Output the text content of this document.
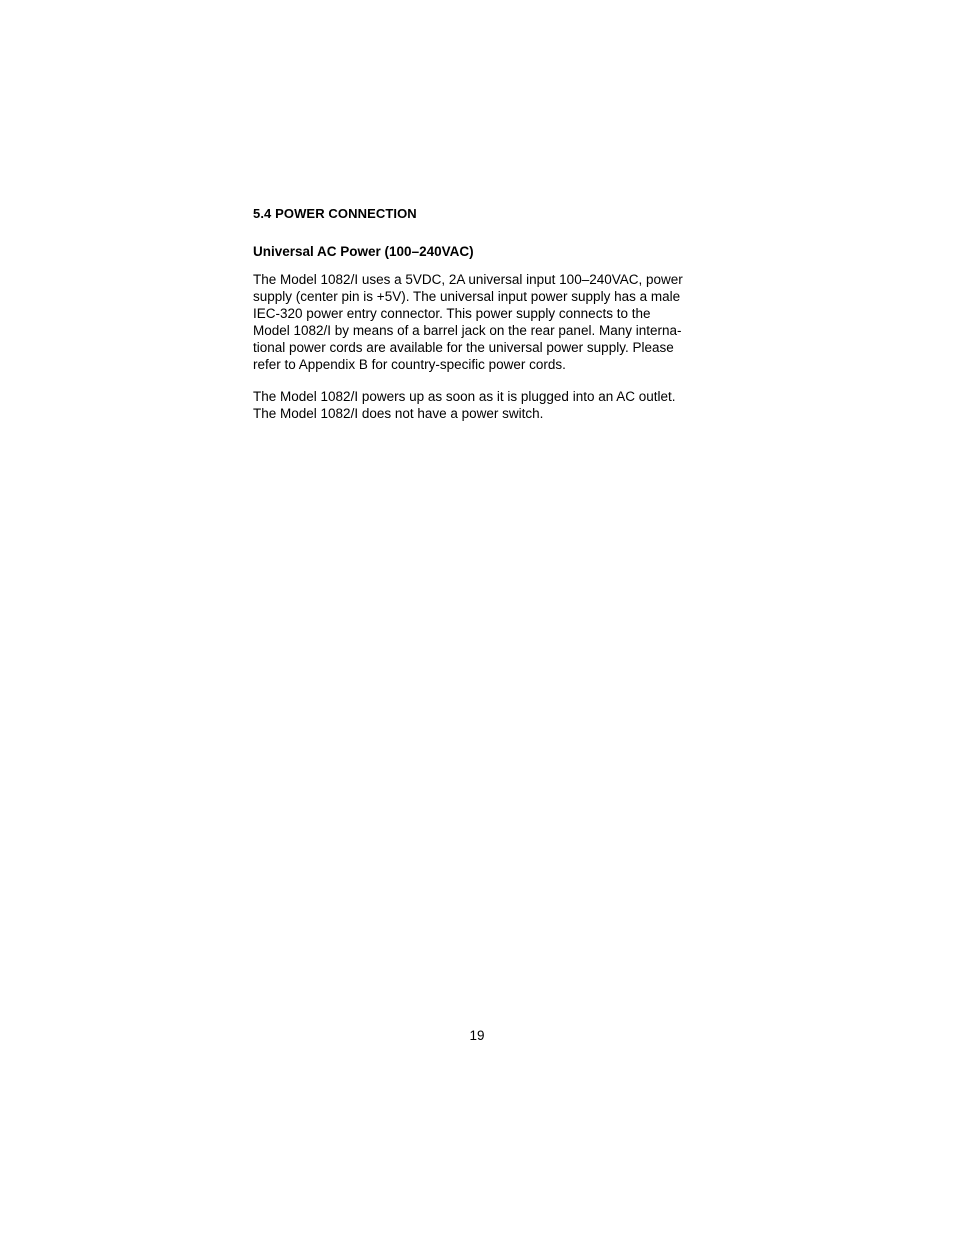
5.4 POWER CONNECTION
Universal AC Power (100–240VAC)

The Model 1082/I uses a 5VDC, 2A universal input 100–240VAC, power
supply (center pin is +5V). The universal input power supply has a male
IEC-320 power entry connector. This power supply connects to the
Model 1082/I by means of a barrel jack on the rear panel. Many interna-
tional power cords are available for the universal power supply. Please
refer to Appendix B for country-specific power cords.

The Model 1082/I powers up as soon as it is plugged into an AC outlet.
The Model 1082/I does not have a power switch.

19
